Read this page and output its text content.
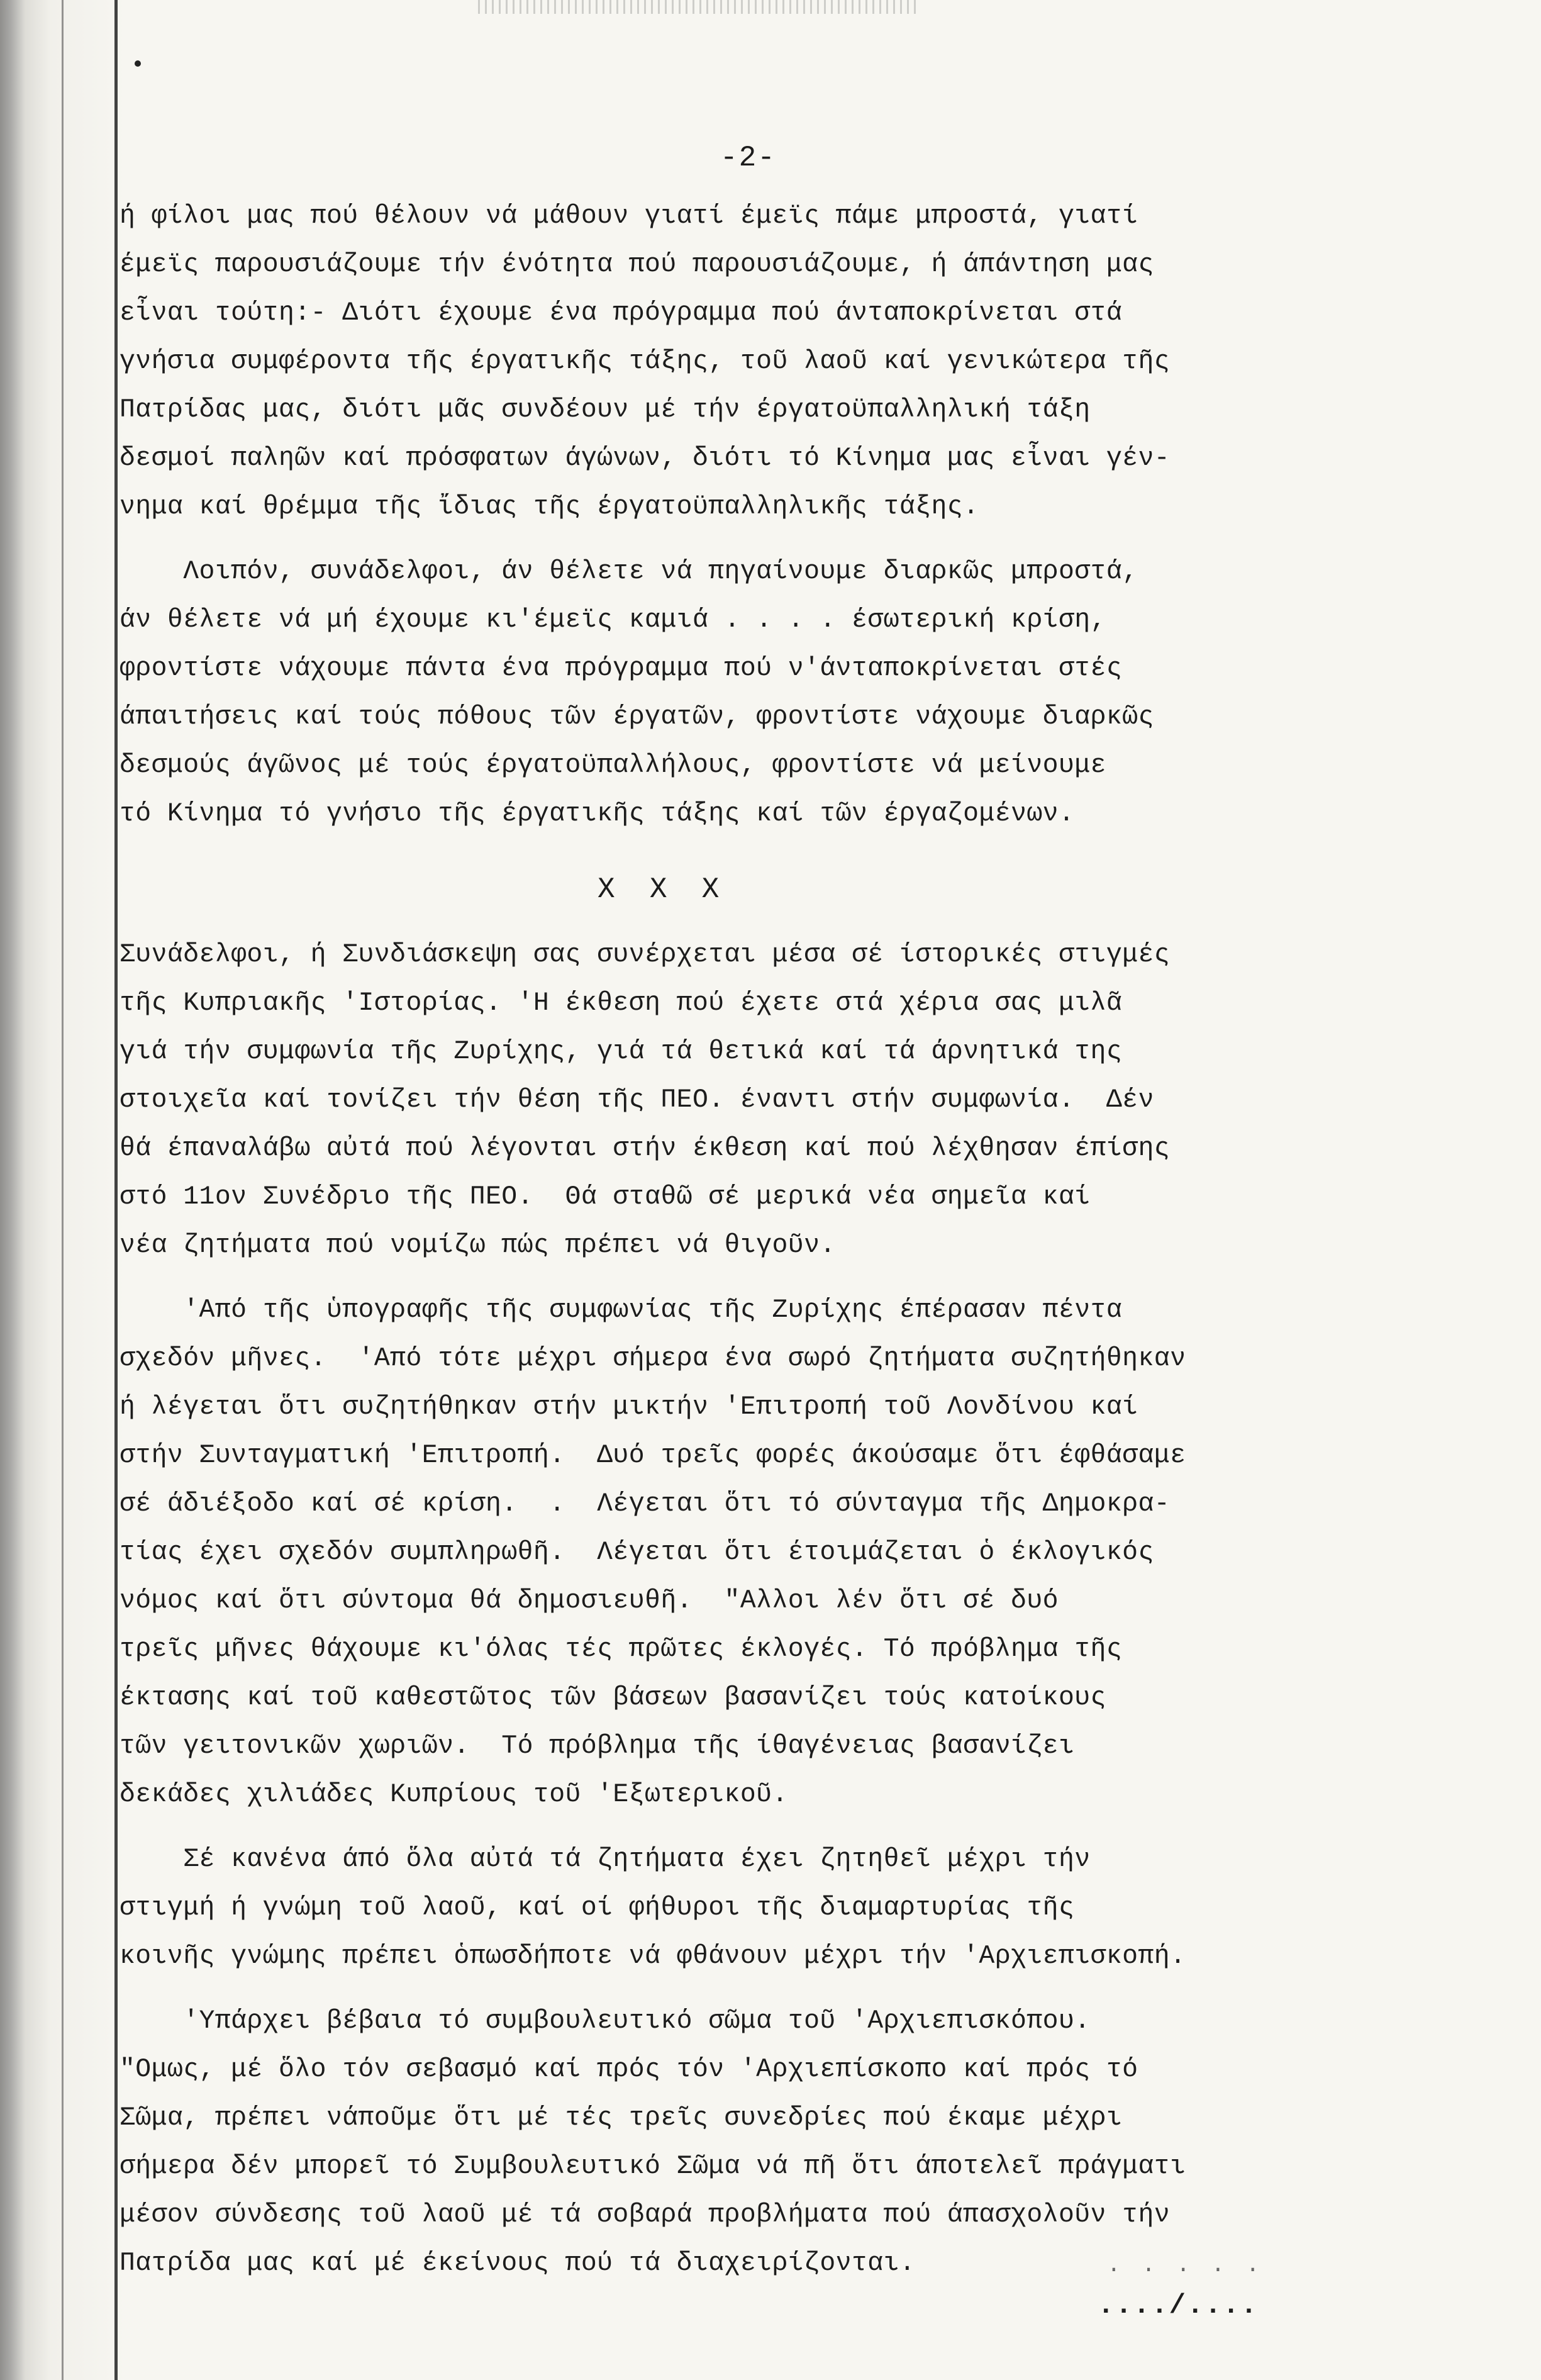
-2-
ή φίλοι μας πού θέλουν νά μάθουν γιατί έμεϊς πάμε μπροστά, γιατί
έμεϊς παρουσιάζουμε τήν ένότητα πού παρουσιάζουμε, ή άπάντηση μας
εἶναι τούτη:- Διότι έχουμε ένα πρόγραμμα πού άνταποκρίνεται στά
γνήσια συμφέροντα τῆς έργατικῆς τάξης, τοῦ λαοῦ καί γενικώτερα τῆς
Πατρίδας μας, διότι μᾶς συνδέουν μέ τήν έργατοϋπαλληλική τάξη
δεσμοί παληῶν καί πρόσφατων άγώνων, διότι τό Κίνημα μας εἶναι γέν-
νημα καί θρέμμα τῆς ἴδιας τῆς έργατοϋπαλληλικῆς τάξης.
Λοιπόν, συνάδελφοι, άν θέλετε νά πηγαίνουμε διαρκῶς μπροστά,
άν θέλετε νά μή έχουμε κι'έμεϊς καμιά . . . . έσωτερική κρίση,
φροντίστε νάχουμε πάντα ένα πρόγραμμα πού ν'άνταποκρίνεται στές
άπαιτήσεις καί τούς πόθους τῶν έργατῶν, φροντίστε νάχουμε διαρκῶς
δεσμούς άγῶνος μέ τούς έργατοϋπαλλήλους, φροντίστε νά μείνουμε
τό Κίνημα τό γνήσιο τῆς έργατικῆς τάξης καί τῶν έργαζομένων.
X  X  X
Συνάδελφοι, ή Συνδιάσκεψη σας συνέρχεται μέσα σέ ίστορικές στιγμές
τῆς Κυπριακῆς 'Ιστορίας. 'Η έκθεση πού έχετε στά χέρια σας μιλᾶ
γιά τήν συμφωνία τῆς Ζυρίχης, γιά τά θετικά καί τά άρνητικά της
στοιχεῖα καί τονίζει τήν θέση τῆς ΠΕΟ. έναντι στήν συμφωνία.  Δέν
θά έπαναλάβω αὐτά πού λέγονται στήν έκθεση καί πού λέχθησαν έπίσης
στό 11ον Συνέδριο τῆς ΠΕΟ.  Θά σταθῶ σέ μερικά νέα σημεῖα καί
νέα ζητήματα πού νομίζω πώς πρέπει νά θιγοῦν.
'Από τῆς ὑπογραφῆς τῆς συμφωνίας τῆς Ζυρίχης έπέρασαν πέντα
σχεδόν μῆνες.  'Από τότε μέχρι σήμερα ένα σωρό ζητήματα συζητήθηκαν
ή λέγεται ὅτι συζητήθηκαν στήν μικτήν 'Επιτροπή τοῦ Λονδίνου καί
στήν Συνταγματική 'Επιτροπή.  Δυό τρεῖς φορές άκούσαμε ὅτι έφθάσαμε
σέ άδιέξοδο καί σέ κρίση.  .  Λέγεται ὅτι τό σύνταγμα τῆς Δημοκρα-
τίας έχει σχεδόν συμπληρωθῆ.  Λέγεται ὅτι έτοιμάζεται ὁ έκλογικός
νόμος καί ὅτι σύντομα θά δημοσιευθῆ.  "Αλλοι λέν ὅτι σέ δυό
τρεῖς μῆνες θάχουμε κι'όλας τές πρῶτες έκλογές. Τό πρόβλημα τῆς
έκτασης καί τοῦ καθεστῶτος τῶν βάσεων βασανίζει τούς κατοίκους
τῶν γειτονικῶν χωριῶν.  Τό πρόβλημα τῆς ίθαγένειας βασανίζει
δεκάδες χιλιάδες Κυπρίους τοῦ 'Εξωτερικοῦ.
Σέ κανένα άπό ὅλα αὐτά τά ζητήματα έχει ζητηθεῖ μέχρι τήν
στιγμή ή γνώμη τοῦ λαοῦ, καί οί φήθυροι τῆς διαμαρτυρίας τῆς
κοινῆς γνώμης πρέπει ὁπωσδήποτε νά φθάνουν μέχρι τήν 'Αρχιεπισκοπή.
'Υπάρχει βέβαια τό συμβουλευτικό σῶμα τοῦ 'Αρχιεπισκόπου.
"Ομως, μέ ὅλο τόν σεβασμό καί πρός τόν 'Αρχιεπίσκοπο καί πρός τό
Σῶμα, πρέπει νάποῦμε ὅτι μέ τές τρεῖς συνεδρίες πού έκαμε μέχρι
σήμερα δέν μπορεῖ τό Συμβουλευτικό Σῶμα νά πῆ ὅτι άποτελεῖ πράγματι
μέσον σύνδεσης τοῦ λαοῦ μέ τά σοβαρά προβλήματα πού άπασχολοῦν τήν
Πατρίδα μας καί μέ έκείνους πού τά διαχειρίζονται.	. . . . .
..../....
